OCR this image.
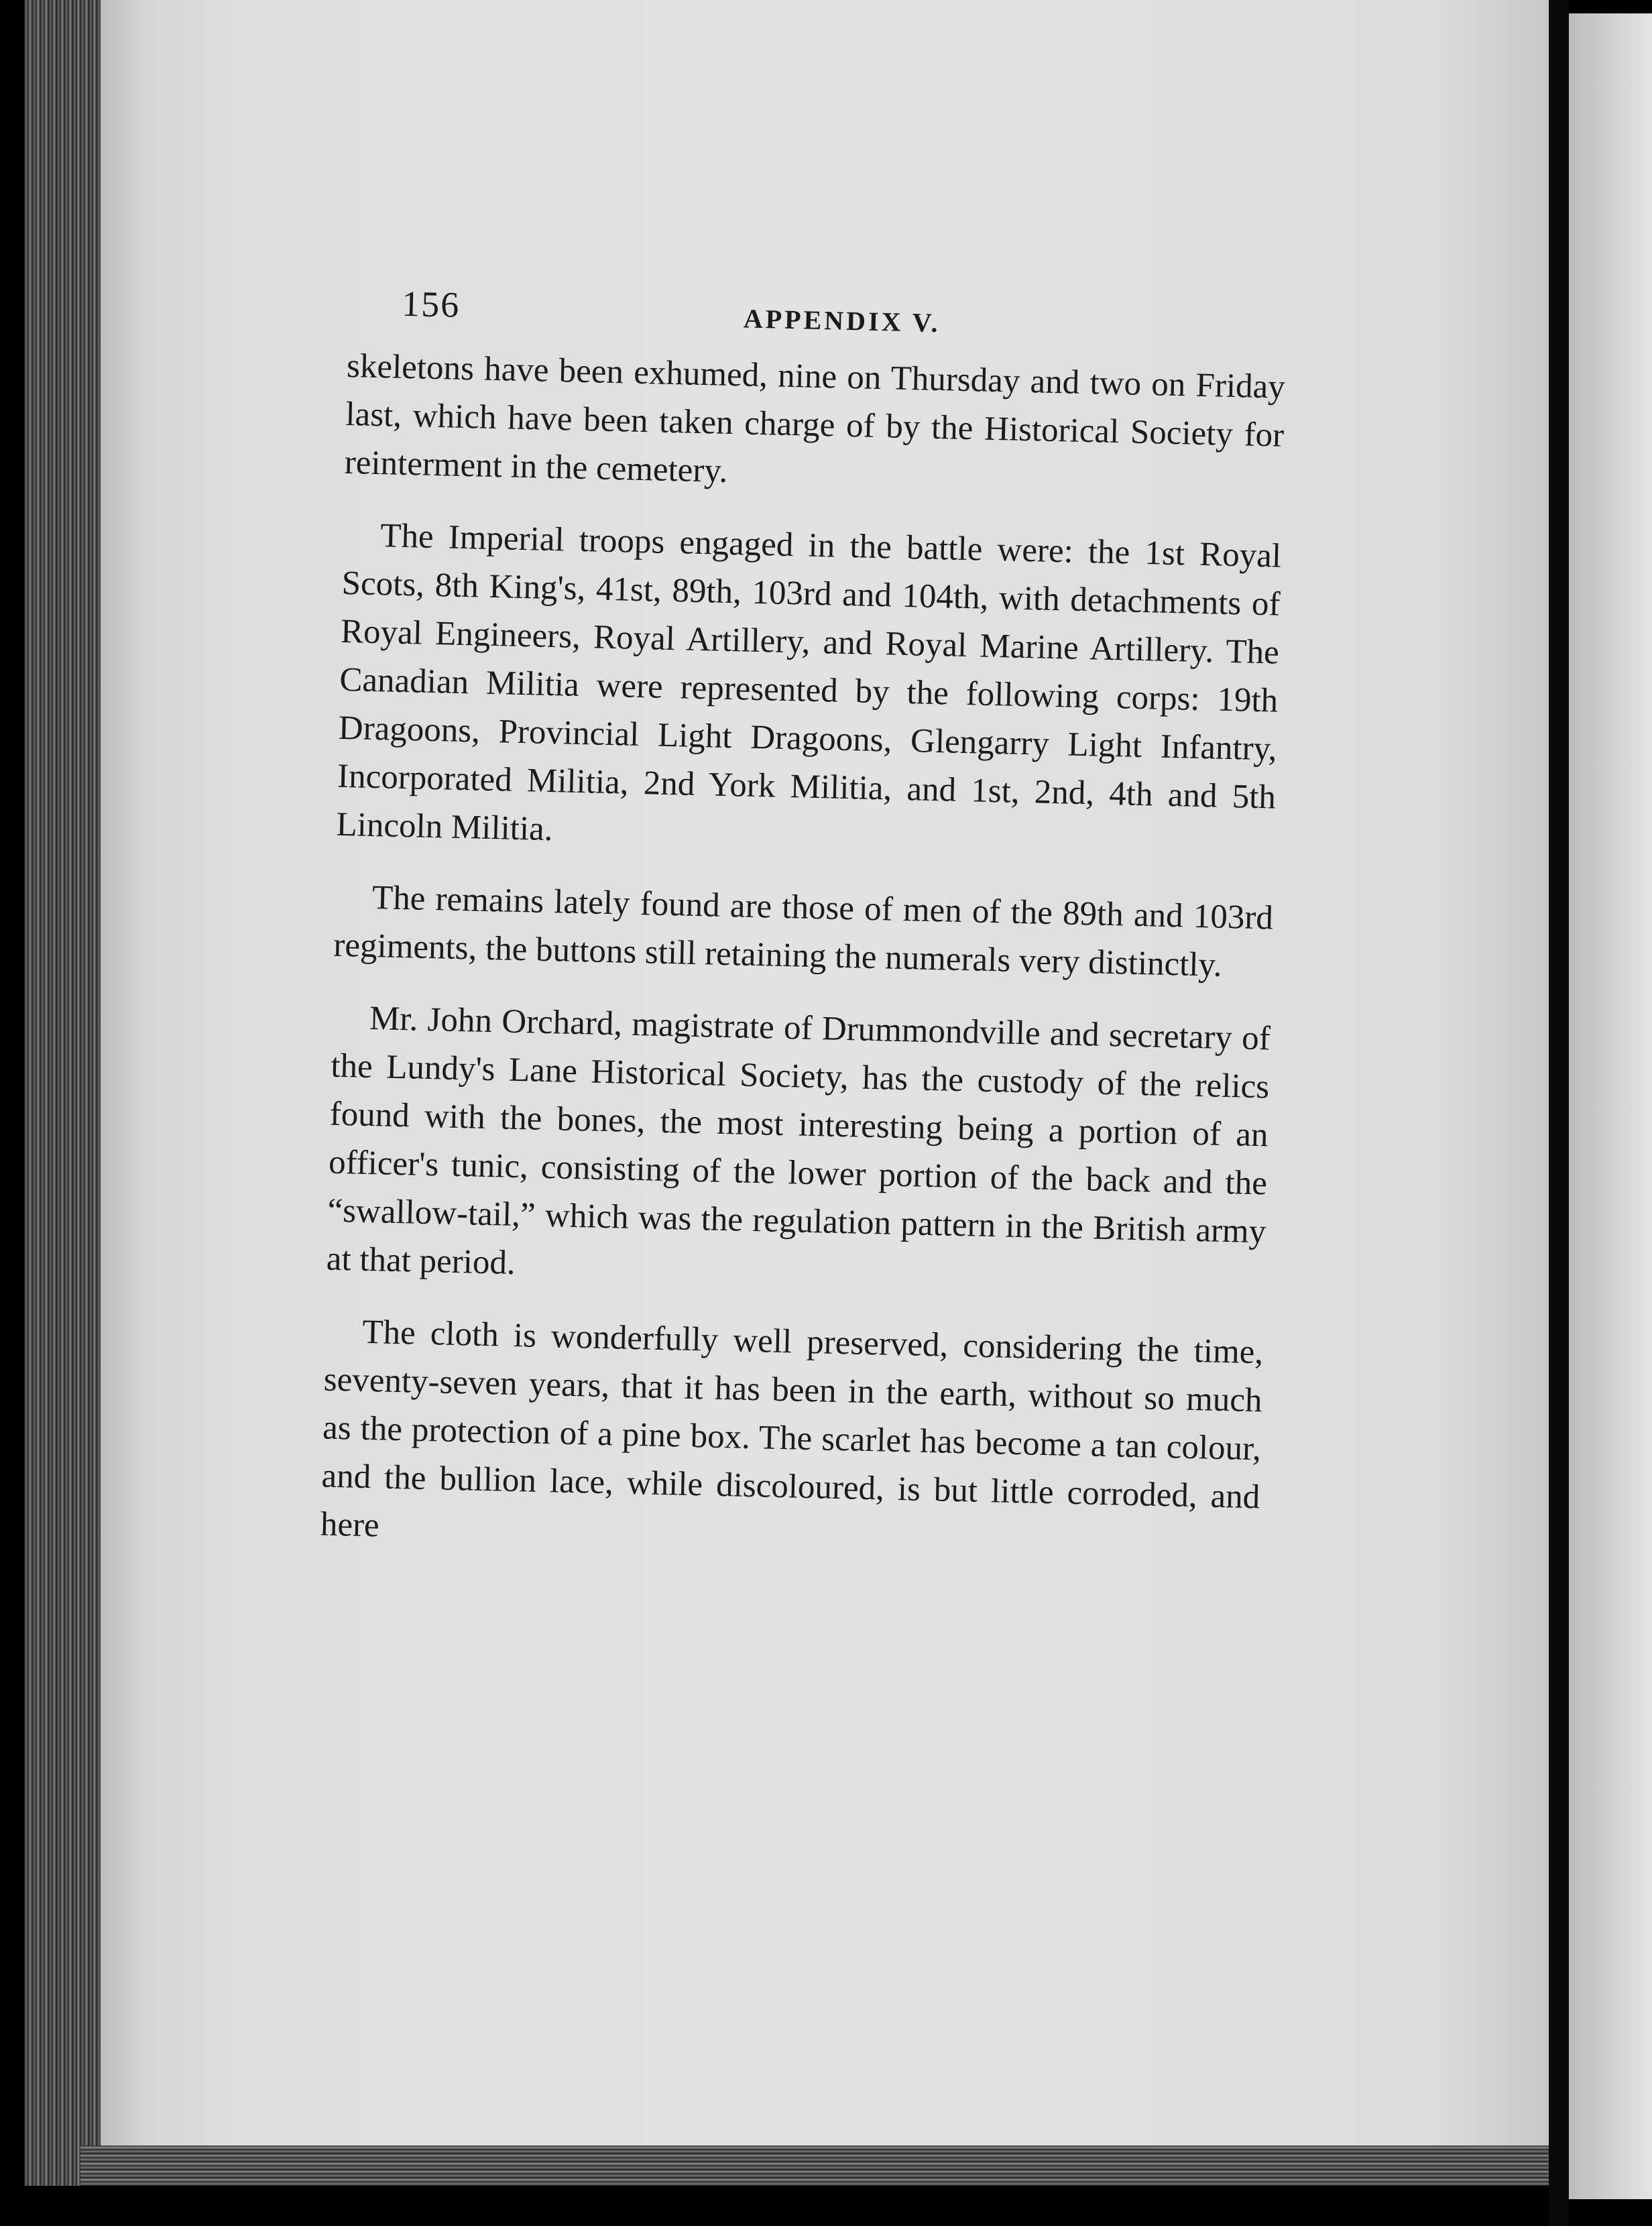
156	APPENDIX V.

skeletons have been exhumed, nine on Thursday and two on Friday last, which have been taken charge of by the Historical Society for reinterment in the cemetery.

The Imperial troops engaged in the battle were: the 1st Royal Scots, 8th King's, 41st, 89th, 103rd and 104th, with detachments of Royal Engineers, Royal Artillery, and Royal Marine Artillery. The Canadian Militia were represented by the following corps: 19th Dragoons, Provincial Light Dragoons, Glengarry Light Infantry, Incorporated Militia, 2nd York Militia, and 1st, 2nd, 4th and 5th Lincoln Militia.

The remains lately found are those of men of the 89th and 103rd regiments, the buttons still retaining the numerals very distinctly.

Mr. John Orchard, magistrate of Drummondville and secretary of the Lundy's Lane Historical Society, has the custody of the relics found with the bones, the most interesting being a portion of an officer's tunic, consisting of the lower portion of the back and the “swallow-tail,” which was the regulation pattern in the British army at that period.

The cloth is wonderfully well preserved, considering the time, seventy-seven years, that it has been in the earth, without so much as the protection of a pine box. The scarlet has become a tan colour, and the bullion lace, while discoloured, is but little corroded, and here
